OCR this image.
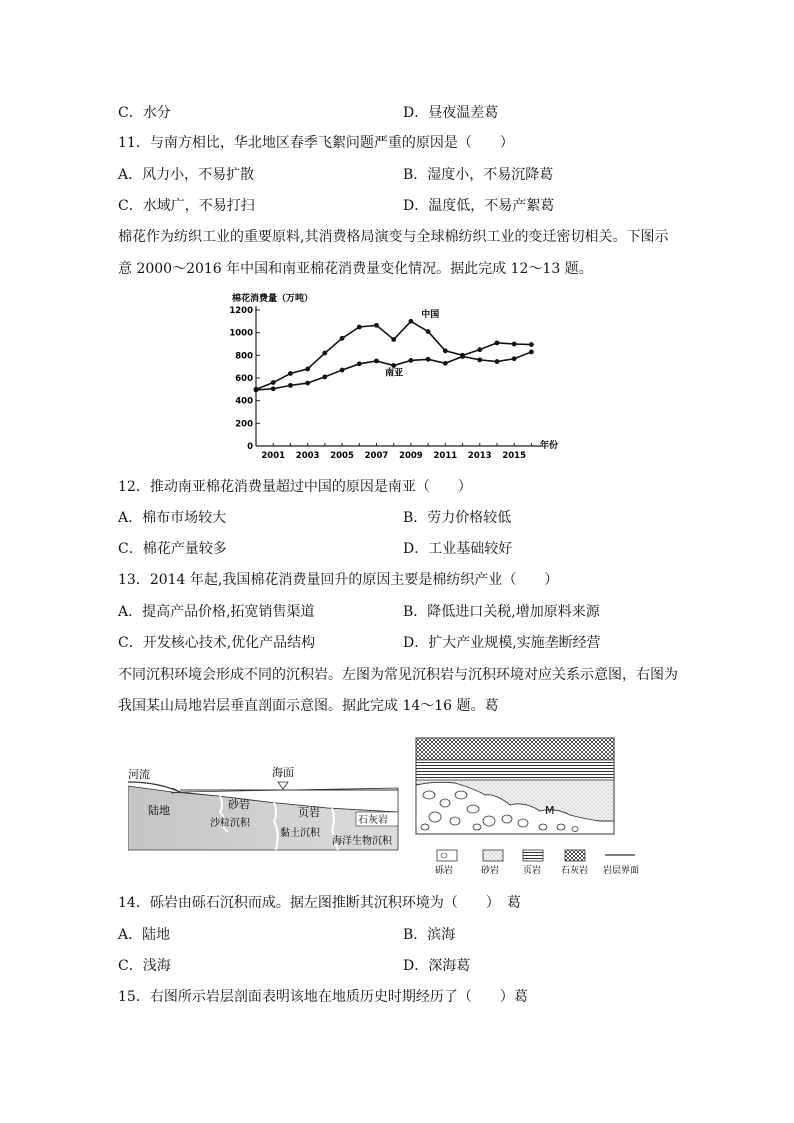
C．水分	D．昼夜温差葛
11．与南方相比，华北地区春季飞絮问题严重的原因是（　　）
A．风力小，不易扩散	B．湿度小，不易沉降葛
C．水域广，不易打扫	D．温度低，不易产絮葛
棉花作为纺织工业的重要原料,其消费格局演变与全球棉纺织工业的变迁密切相关。下图示
意 2000～2016 年中国和南亚棉花消费量变化情况。据此完成 12～13 题。
棉花消费量（万吨）
年份
0
200
400
600
800
1000
1200
2001 2003 2005 2007 2009 2011 2013 2015
中国
南亚
12．推动南亚棉花消费量超过中国的原因是南亚（　　）
A．棉布市场较大	B．劳力价格较低
C．棉花产量较多	D．工业基础较好
13．2014 年起,我国棉花消费量回升的原因主要是棉纺织产业（　　）
A．提高产品价格,拓宽销售渠道	B．降低进口关税,增加原料来源
C．开发核心技术,优化产品结构	D．扩大产业规模,实施垄断经营
不同沉积环境会形成不同的沉积岩。左图为常见沉积岩与沉积环境对应关系示意图，右图为
我国某山局地岩层垂直剖面示意图。据此完成 14～16 题。葛
河流	海面
陆地	砂岩
沙粒沉积
页岩
黏土沉积
石灰岩
海洋生物沉积
M
砾岩	砂岩	页岩 石灰岩 岩层界面
14．砾岩由砾石沉积而成。据左图推断其沉积环境为（　　）　葛
A．陆地	B．滨海
C．浅海	D．深海葛
15．右图所示岩层剖面表明该地在地质历史时期经历了（　　）葛
